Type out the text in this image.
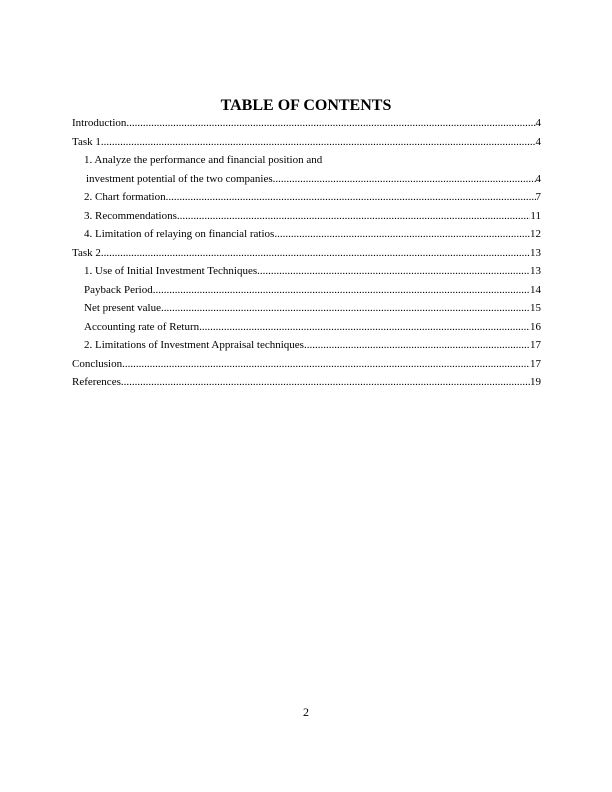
TABLE OF CONTENTS
Introduction .....	4
Task 1 .....	4
1. Analyze the performance and financial position and
investment potential of the two companies .....	4
2. Chart formation .....	7
3. Recommendations .....	11
4. Limitation of relaying on financial ratios .....	12
Task 2 .....	13
1. Use of Initial Investment Techniques .....	13
Payback Period .....	14
Net present value .....	15
Accounting rate of Return .....	16
2. Limitations of Investment Appraisal techniques .....	17
Conclusion .....	17
References .....	19
2
